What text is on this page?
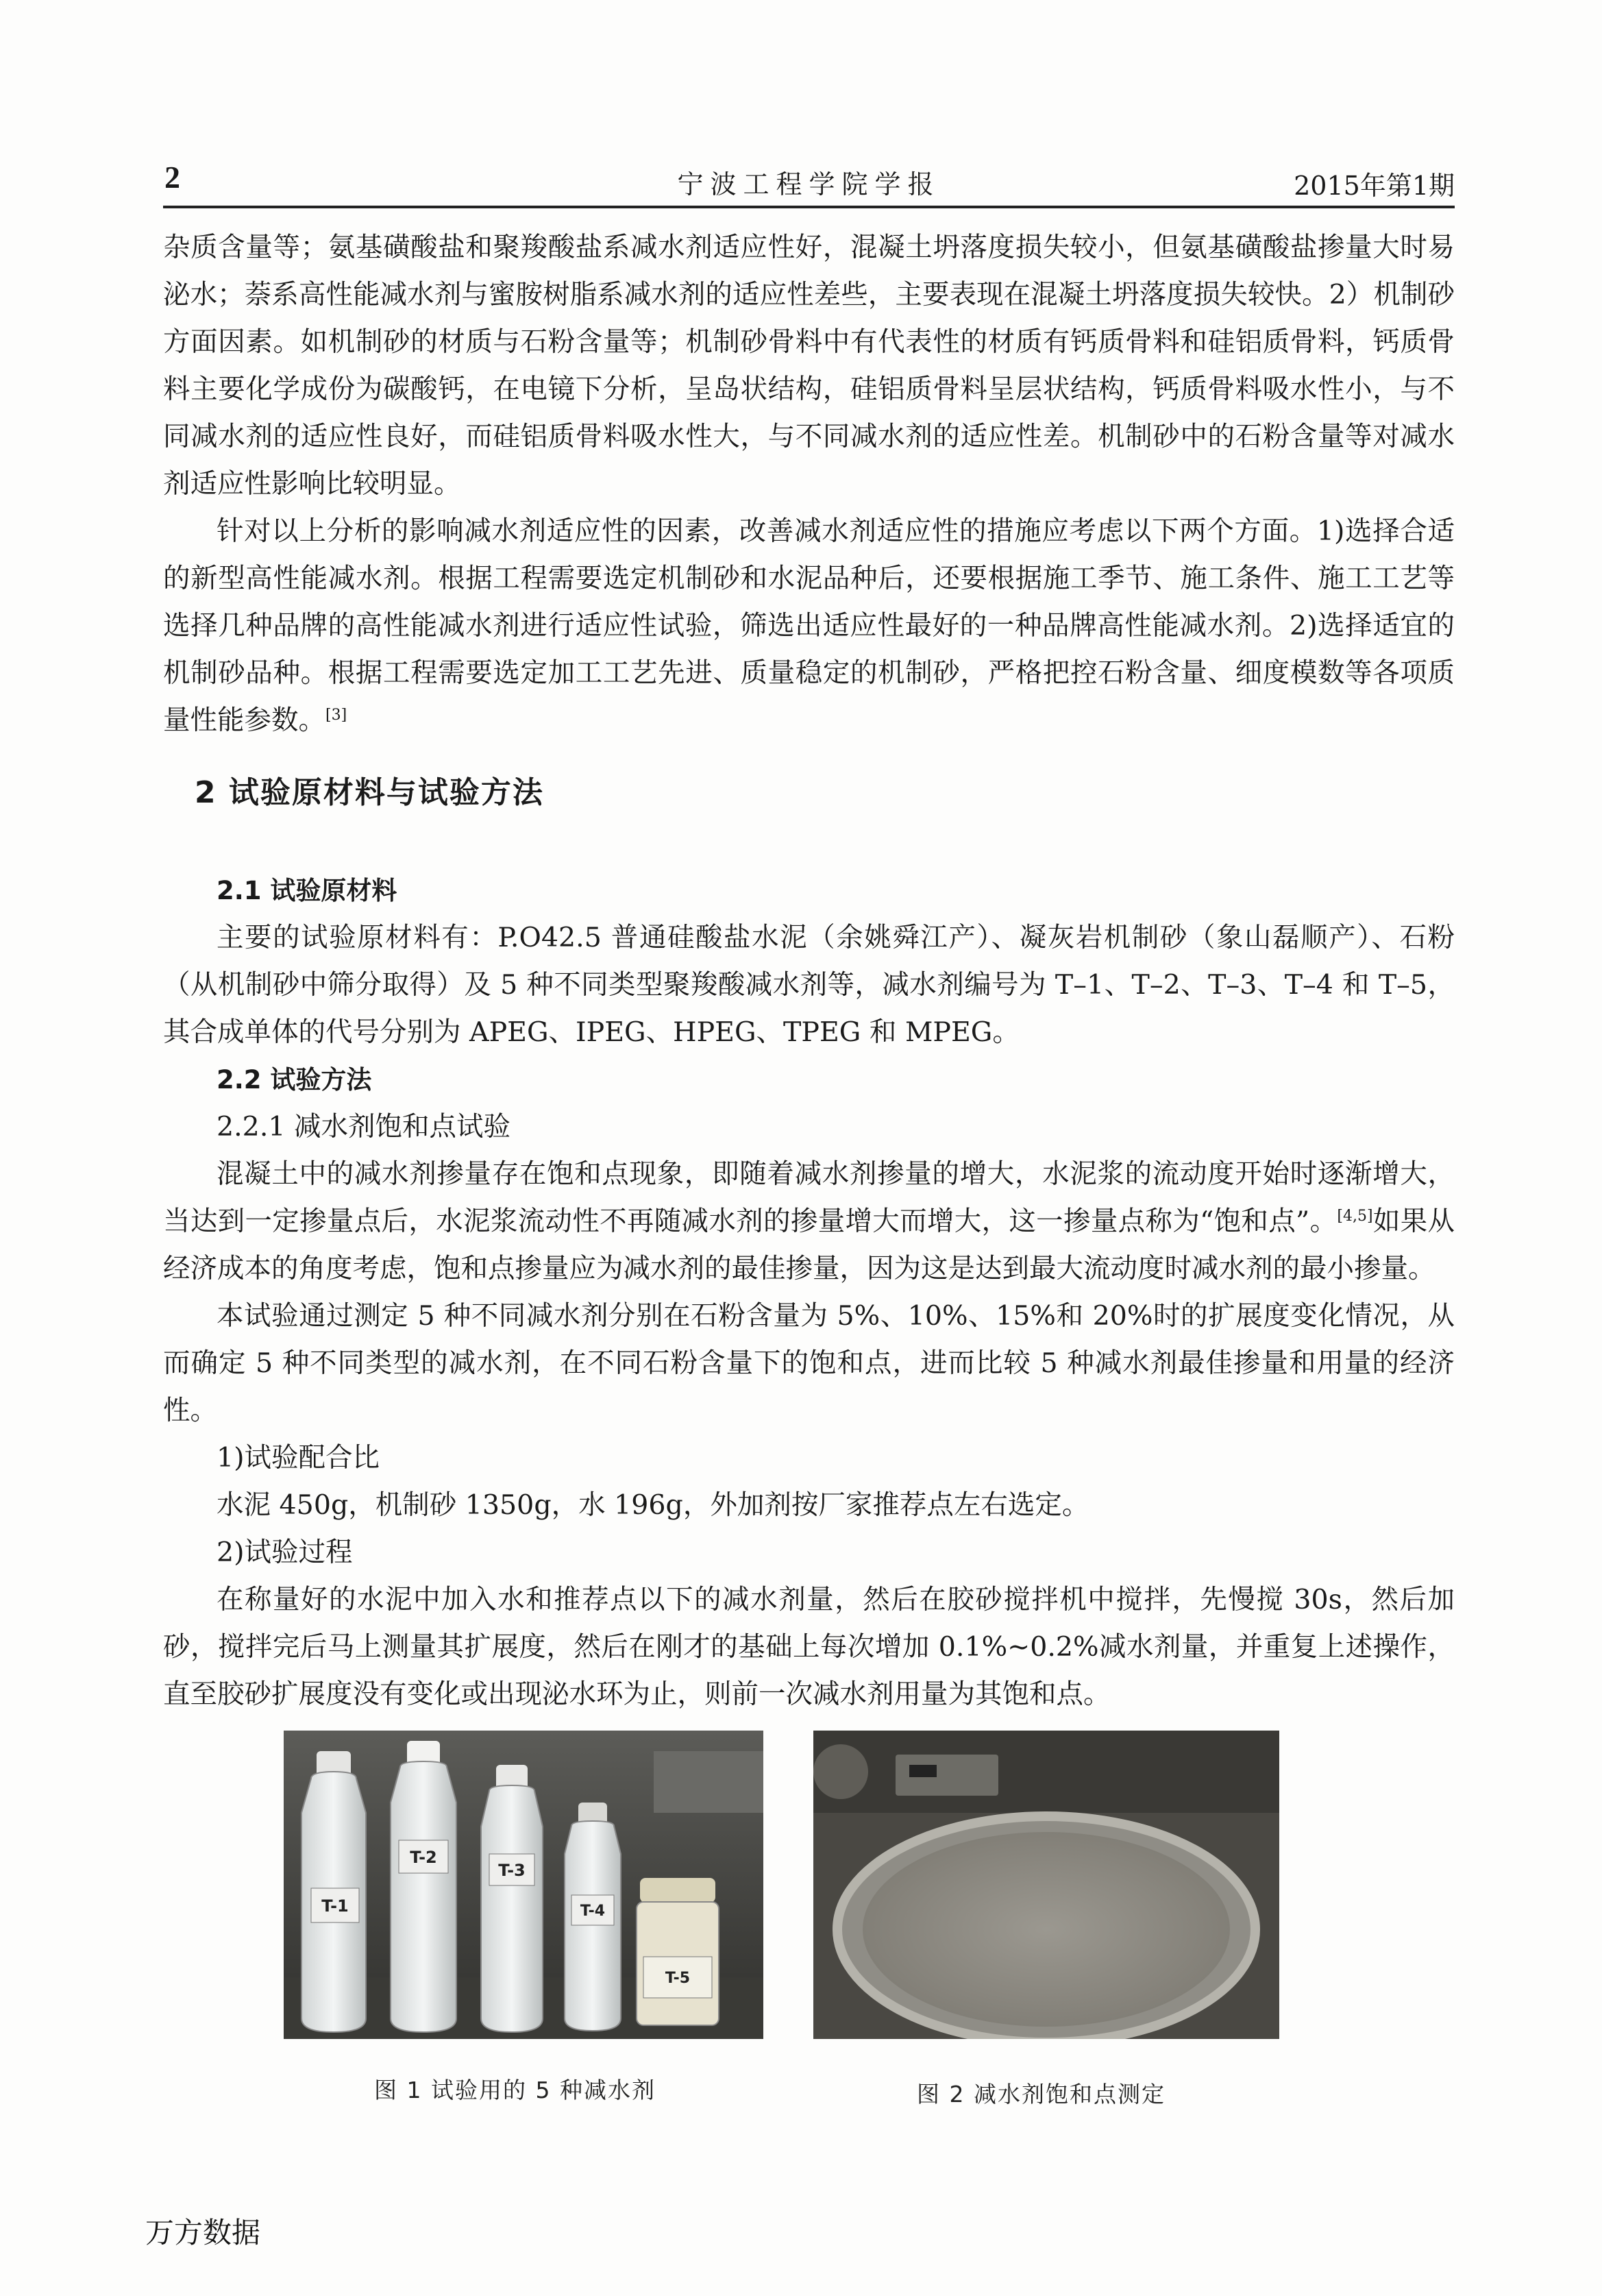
2	宁波工程学院学报	2015年第1期

杂质含量等；氨基磺酸盐和聚羧酸盐系减水剂适应性好，混凝土坍落度损失较小，但氨基磺酸盐掺量大时易泌水；萘系高性能减水剂与蜜胺树脂系减水剂的适应性差些，主要表现在混凝土坍落度损失较快。2）机制砂方面因素。如机制砂的材质与石粉含量等；机制砂骨料中有代表性的材质有钙质骨料和硅铝质骨料，钙质骨料主要化学成份为碳酸钙，在电镜下分析，呈岛状结构，硅铝质骨料呈层状结构，钙质骨料吸水性小，与不同减水剂的适应性良好，而硅铝质骨料吸水性大，与不同减水剂的适应性差。机制砂中的石粉含量等对减水剂适应性影响比较明显。

针对以上分析的影响减水剂适应性的因素，改善减水剂适应性的措施应考虑以下两个方面。1)选择合适的新型高性能减水剂。根据工程需要选定机制砂和水泥品种后，还要根据施工季节、施工条件、施工工艺等选择几种品牌的高性能减水剂进行适应性试验，筛选出适应性最好的一种品牌高性能减水剂。2)选择适宜的机制砂品种。根据工程需要选定加工工艺先进、质量稳定的机制砂，严格把控石粉含量、细度模数等各项质量性能参数。[3]

2 试验原材料与试验方法

2.1 试验原材料

主要的试验原材料有：P.O42.5 普通硅酸盐水泥（余姚舜江产）、凝灰岩机制砂（象山磊顺产）、石粉（从机制砂中筛分取得）及 5 种不同类型聚羧酸减水剂等，减水剂编号为 T–1、T–2、T–3、T–4 和 T–5，其合成单体的代号分别为 APEG、IPEG、HPEG、TPEG 和 MPEG。

2.2 试验方法

2.2.1 减水剂饱和点试验

混凝土中的减水剂掺量存在饱和点现象，即随着减水剂掺量的增大，水泥浆的流动度开始时逐渐增大，当达到一定掺量点后，水泥浆流动性不再随减水剂的掺量增大而增大，这一掺量点称为“饱和点”。[4,5]如果从经济成本的角度考虑，饱和点掺量应为减水剂的最佳掺量，因为这是达到最大流动度时减水剂的最小掺量。

本试验通过测定 5 种不同减水剂分别在石粉含量为 5%、10%、15%和 20%时的扩展度变化情况，从而确定 5 种不同类型的减水剂，在不同石粉含量下的饱和点，进而比较 5 种减水剂最佳掺量和用量的经济性。

1)试验配合比

水泥 450g，机制砂 1350g，水 196g，外加剂按厂家推荐点左右选定。

2)试验过程

在称量好的水泥中加入水和推荐点以下的减水剂量，然后在胶砂搅拌机中搅拌，先慢搅 30s，然后加砂，搅拌完后马上测量其扩展度，然后在刚才的基础上每次增加 0.1%~0.2%减水剂量，并重复上述操作，直至胶砂扩展度没有变化或出现泌水环为止，则前一次减水剂用量为其饱和点。

T-1
T-2
T-3
T-4
T-5
图 1 试验用的 5 种减水剂	图 2 减水剂饱和点测定
万方数据
